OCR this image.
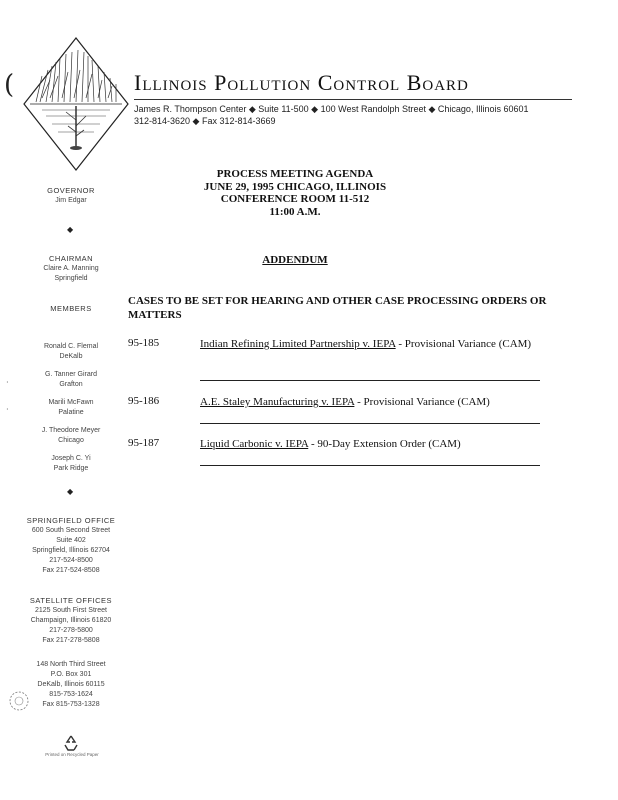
(	Illinois Pollution Control Board
James R. Thompson Center ◆ Suite 11-500 ◆ 100 West Randolph Street ◆ Chicago, Illinois 60601
312-814-3620 ◆ Fax 312-814-3669
GOVERNOR
Jim Edgar
◆
CHAIRMAN
Claire A. Manning
Springfield
MEMBERS
Ronald C. Flemal
DeKalb
G. Tanner Girard
Grafton
Marili McFawn
Palatine
J. Theodore Meyer
Chicago
Joseph C. Yi
Park Ridge
◆
SPRINGFIELD OFFICE
600 South Second Street
Suite 402
Springfield, Illinois 62704
217-524-8500
Fax 217-524-8508
SATELLITE OFFICES
2125 South First Street
Champaign, Illinois 61820
217-278-5800
Fax 217-278-5808
148 North Third Street
P.O. Box 301
DeKalb, Illinois 60115
815-753-1624
Fax 815-753-1328
·

·
Printed on Recycled Paper
PROCESS MEETING AGENDA
JUNE 29, 1995 CHICAGO, ILLINOIS
CONFERENCE ROOM 11-512
11:00 A.M.
ADDENDUM
CASES TO BE SET FOR HEARING AND OTHER CASE PROCESSING ORDERS OR MATTERS
95-185	Indian Refining Limited Partnership v. IEPA - Provisional Variance (CAM)
95-186	A.E. Staley Manufacturing v. IEPA - Provisional Variance (CAM)
95-187	Liquid Carbonic v. IEPA - 90-Day Extension Order (CAM)
